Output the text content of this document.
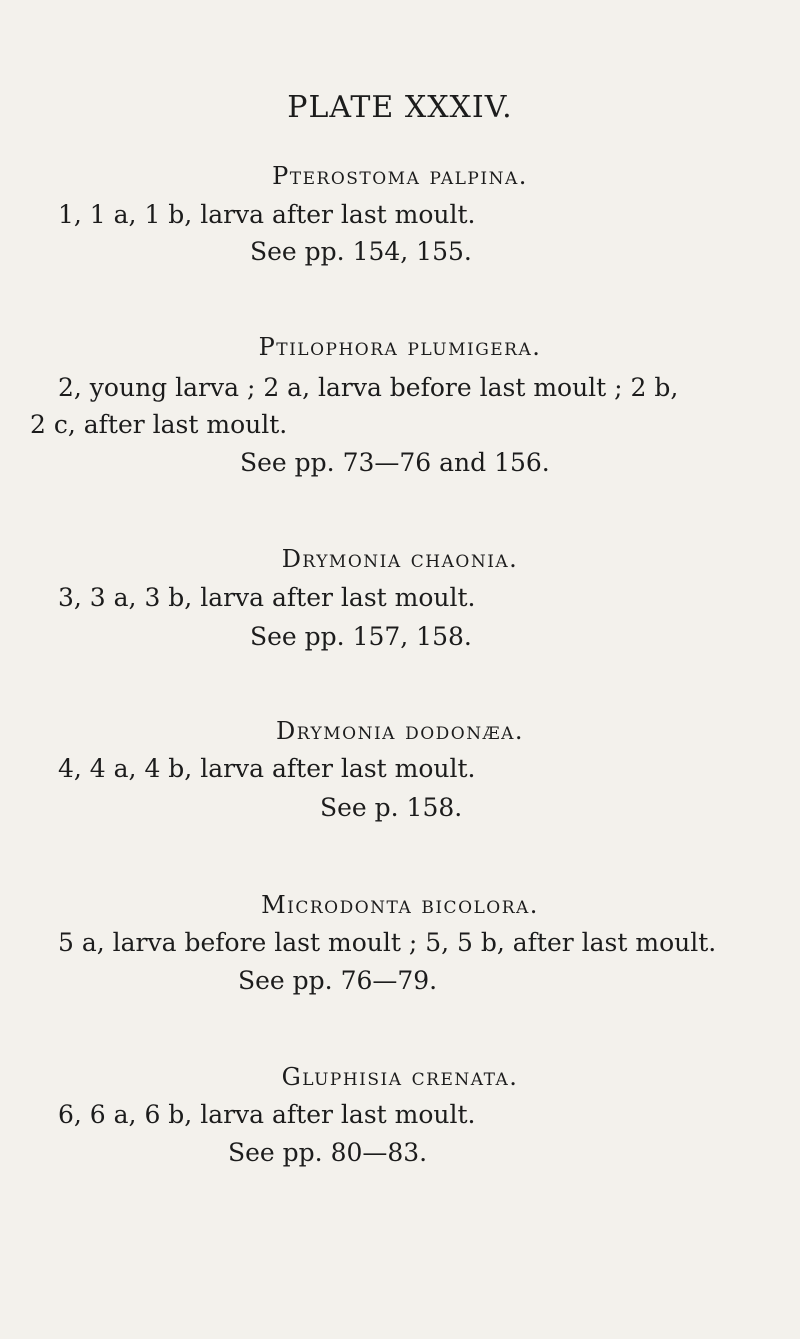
PLATE XXXIV.
Pterostoma palpina.

1, 1 a, 1 b, larva after last moult.

See pp. 154, 155.

Ptilophora plumigera.

2, young larva ; 2 a, larva before last moult ; 2 b,

2 c, after last moult.

See pp. 73—76 and 156.

Drymonia chaonia.

3, 3 a, 3 b, larva after last moult.

See pp. 157, 158.

Drymonia dodonæa.

4, 4 a, 4 b, larva after last moult.

See p. 158.

Microdonta bicolora.

5 a, larva before last moult ; 5, 5 b, after last moult.

See pp. 76—79.

Gluphisia crenata.

6, 6 a, 6 b, larva after last moult.

See pp. 80—83.
